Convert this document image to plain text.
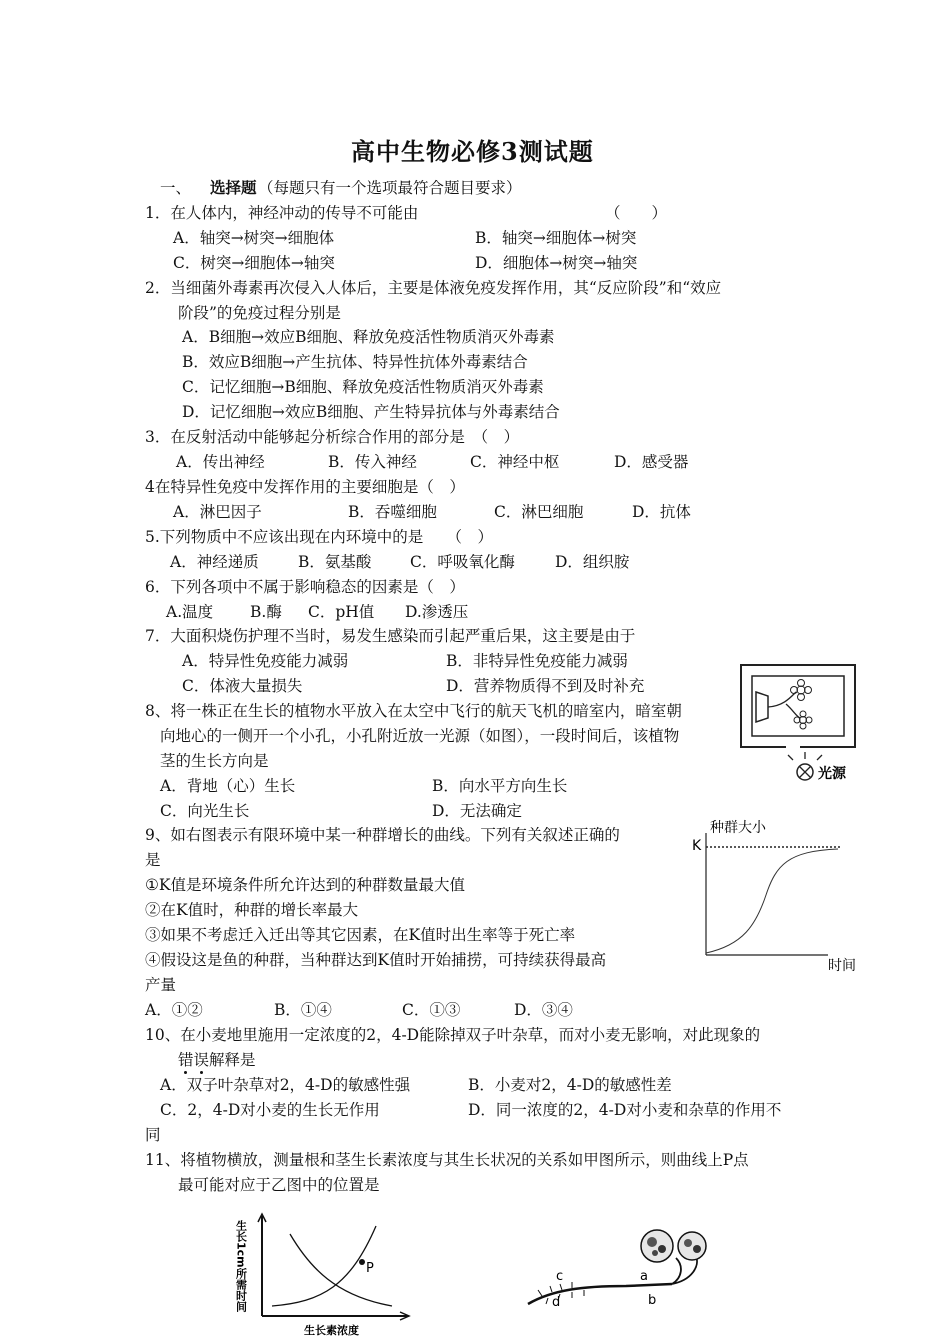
高中生物必修3测试题
一、 选择题 （每题只有一个选项最符合题目要求）
1．在人体内，神经冲动的传导不可能由	（　　）
A．轴突→树突→细胞体	B．轴突→细胞体→树突
C．树突→细胞体→轴突	D．细胞体→树突→轴突
2．当细菌外毒素再次侵入人体后，主要是体液免疫发挥作用，其“反应阶段”和“效应
阶段”的免疫过程分别是
A．B细胞→效应B细胞、释放免疫活性物质消灭外毒素
B．效应B细胞→产生抗体、特异性抗体外毒素结合
C．记忆细胞→B细胞、释放免疫活性物质消灭外毒素
D．记忆细胞→效应B细胞、产生特异抗体与外毒素结合
3．在反射活动中能够起分析综合作用的部分是　（　）
A．传出神经	B．传入神经	C．神经中枢	D．感受器
4在特异性免疫中发挥作用的主要细胞是（　）
A．淋巴因子	B．吞噬细胞	C．淋巴细胞	D．抗体
5.下列物质中不应该出现在内环境中的是　　（　）
A．神经递质	B．氨基酸 C．呼吸氧化酶	D．组织胺
6．下列各项中不属于影响稳态的因素是（　）
A.温度 B.酶 C．pH值 D.渗透压
7．大面积烧伤护理不当时，易发生感染而引起严重后果，这主要是由于
A．特异性免疫能力减弱	B．非特异性免疫能力减弱
C．体液大量损失	D．营养物质得不到及时补充
8、将一株正在生长的植物水平放入在太空中飞行的航天飞机的暗室内，暗室朝
向地心的一侧开一个小孔，小孔附近放一光源（如图），一段时间后，该植物
茎的生长方向是
A．背地（心）生长	B．向水平方向生长
C．向光生长	D．无法确定
光源
9、如右图表示有限环境中某一种群增长的曲线。下列有关叙述正确的
是
①K值是环境条件所允许达到的种群数量最大值
②在K值时，种群的增长率最大
③如果不考虑迁入迁出等其它因素，在K值时出生率等于死亡率
④假设这是鱼的种群，当种群达到K值时开始捕捞，可持续获得最高
产量
A．①②	B．①④	C．①③	D．③④
种群大小
K
时间
10、在小麦地里施用一定浓度的2，4-D能除掉双子叶杂草，而对小麦无影响，对此现象的
错误解释是
A．双子叶杂草对2，4-D的敏感性强	B．小麦对2，4-D的敏感性差
C．2，4-D对小麦的生长无作用	D．同一浓度的2，4-D对小麦和杂草的作用不
同
11、将植物横放，测量根和茎生长素浓度与其生长状况的关系如甲图所示，则曲线上P点
最可能对应于乙图中的位置是
生长1cm所需时间	P
生长素浓度
a
b
c
d
